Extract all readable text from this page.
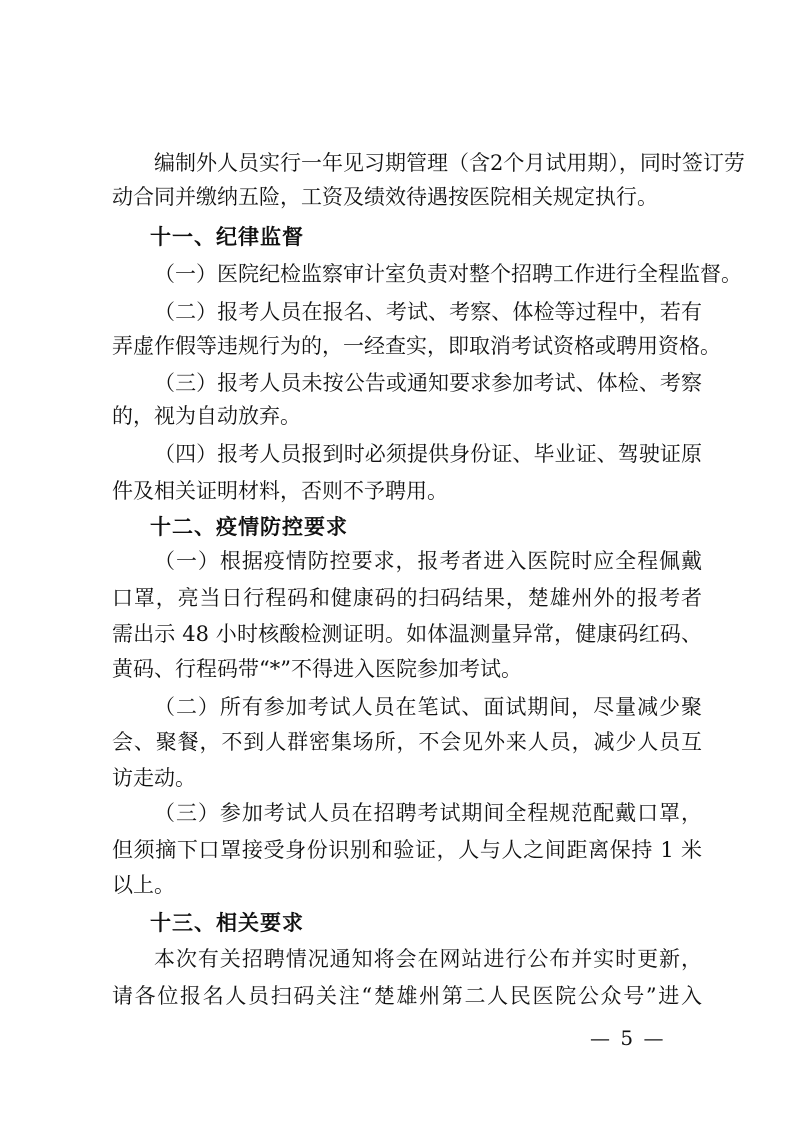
编制外人员实行一年见习期管理（含2个月试用期），同时签订劳
动合同并缴纳五险，工资及绩效待遇按医院相关规定执行。
十一、纪律监督
（一）医院纪检监察审计室负责对整个招聘工作进行全程监督。
（二）报考人员在报名、考试、考察、体检等过程中，若有
弄虚作假等违规行为的，一经查实，即取消考试资格或聘用资格。
（三）报考人员未按公告或通知要求参加考试、体检、考察
的，视为自动放弃。
（四）报考人员报到时必须提供身份证、毕业证、驾驶证原
件及相关证明材料，否则不予聘用。
十二、疫情防控要求
（一）根据疫情防控要求，报考者进入医院时应全程佩戴
口罩，亮当日行程码和健康码的扫码结果，楚雄州外的报考者
需出示 48 小时核酸检测证明。如体温测量异常，健康码红码、
黄码、行程码带“*”不得进入医院参加考试。
（二）所有参加考试人员在笔试、面试期间，尽量减少聚
会、聚餐，不到人群密集场所，不会见外来人员，减少人员互
访走动。
（三）参加考试人员在招聘考试期间全程规范配戴口罩，
但须摘下口罩接受身份识别和验证，人与人之间距离保持 1 米
以上。
十三、相关要求
本次有关招聘情况通知将会在网站进行公布并实时更新，
请各位报名人员扫码关注“楚雄州第二人民医院公众号”进入
— 5 —
